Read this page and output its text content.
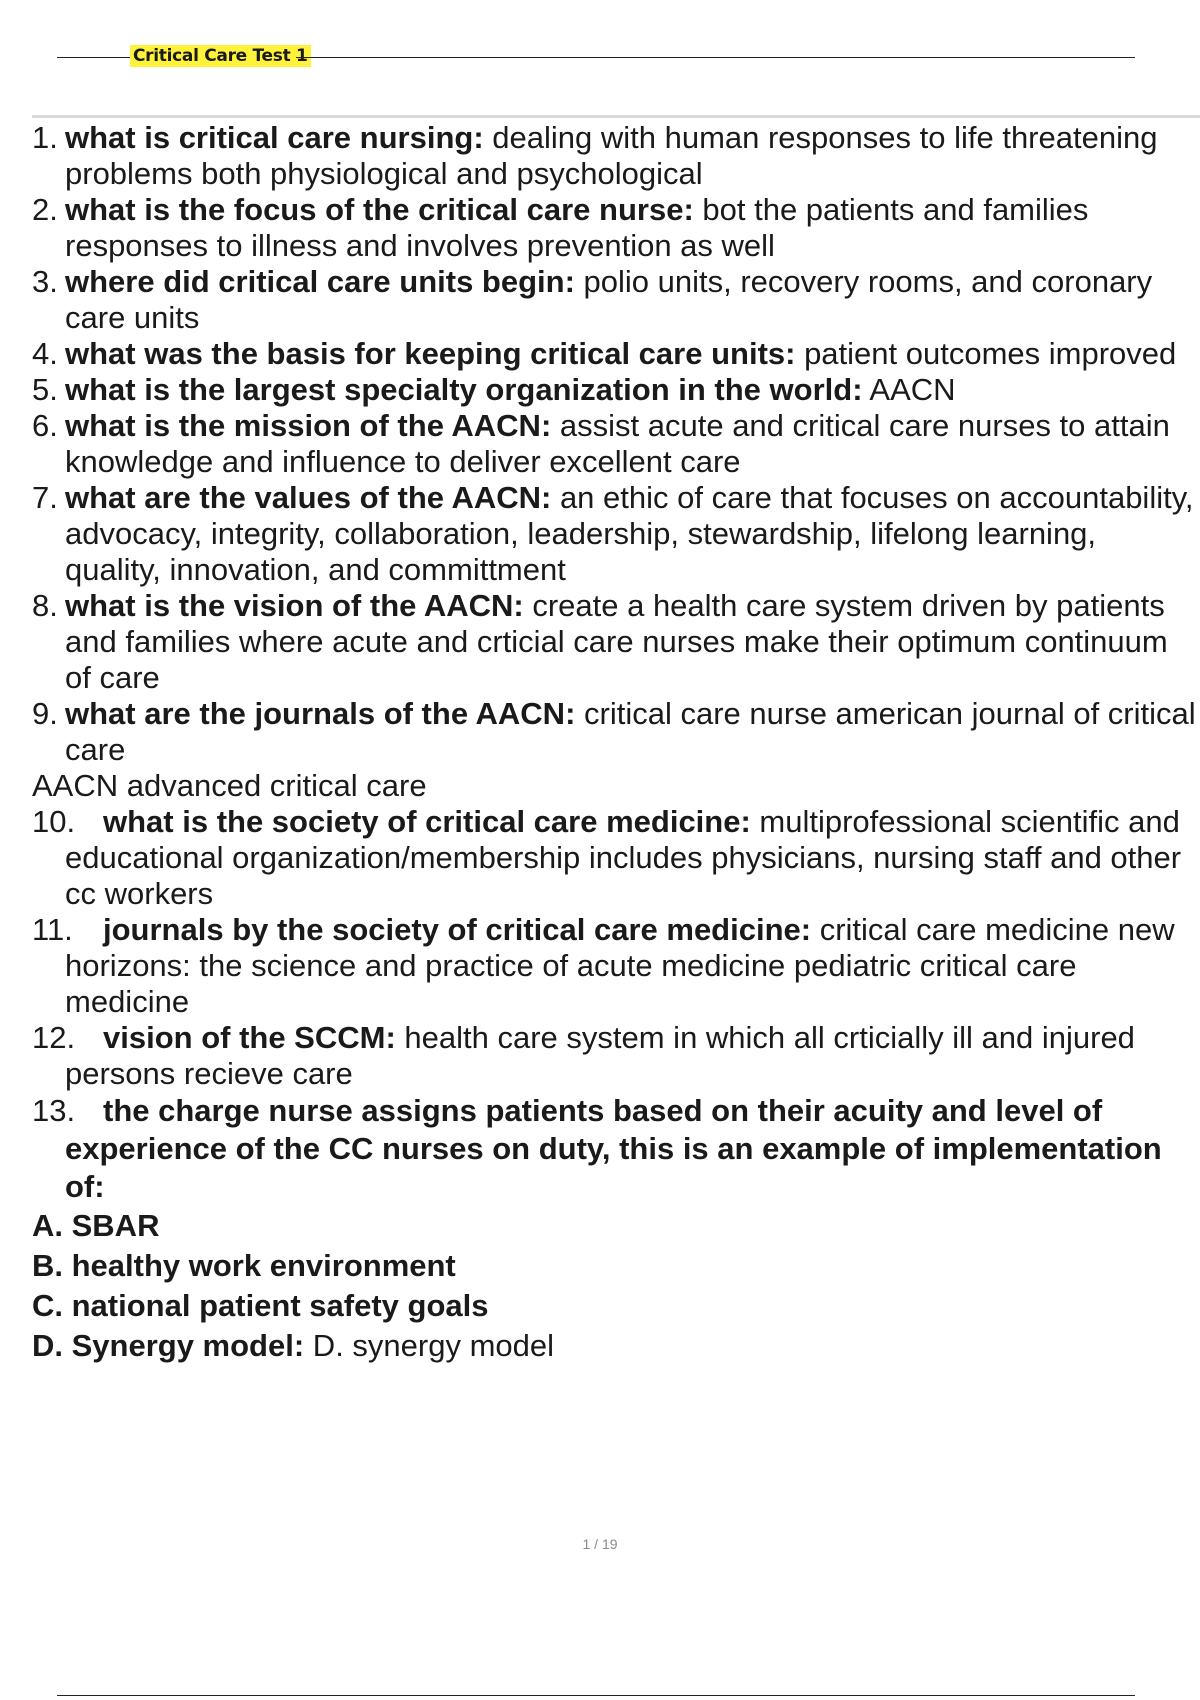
Critical Care Test 1
1. what is critical care nursing: dealing with human responses to life threatening problems both physiological and psychological
2. what is the focus of the critical care nurse: bot the patients and families responses to illness and involves prevention as well
3. where did critical care units begin: polio units, recovery rooms, and coronary care units
4. what was the basis for keeping critical care units: patient outcomes improved
5. what is the largest specialty organization in the world: AACN
6. what is the mission of the AACN: assist acute and critical care nurses to attain knowledge and influence to deliver excellent care
7. what are the values of the AACN: an ethic of care that focuses on accountability, advocacy, integrity, collaboration, leadership, stewardship, lifelong learning, quality, innovation, and committment
8. what is the vision of the AACN: create a health care system driven by patients and families where acute and crticial care nurses make their optimum continuum of care
9. what are the journals of the AACN: critical care nurse american journal of critical care
AACN advanced critical care
10. what is the society of critical care medicine: multiprofessional scientific and educational organization/membership includes physicians, nursing staff and other cc workers
11. journals by the society of critical care medicine: critical care medicine new horizons: the science and practice of acute medicine pediatric critical care medicine
12. vision of the SCCM: health care system in which all crticially ill and injured persons recieve care
13. the charge nurse assigns patients based on their acuity and level of experience of the CC nurses on duty, this is an example of implementation of:
A. SBAR
B. healthy work environment
C. national patient safety goals
D. Synergy model: D. synergy model
1 / 19
